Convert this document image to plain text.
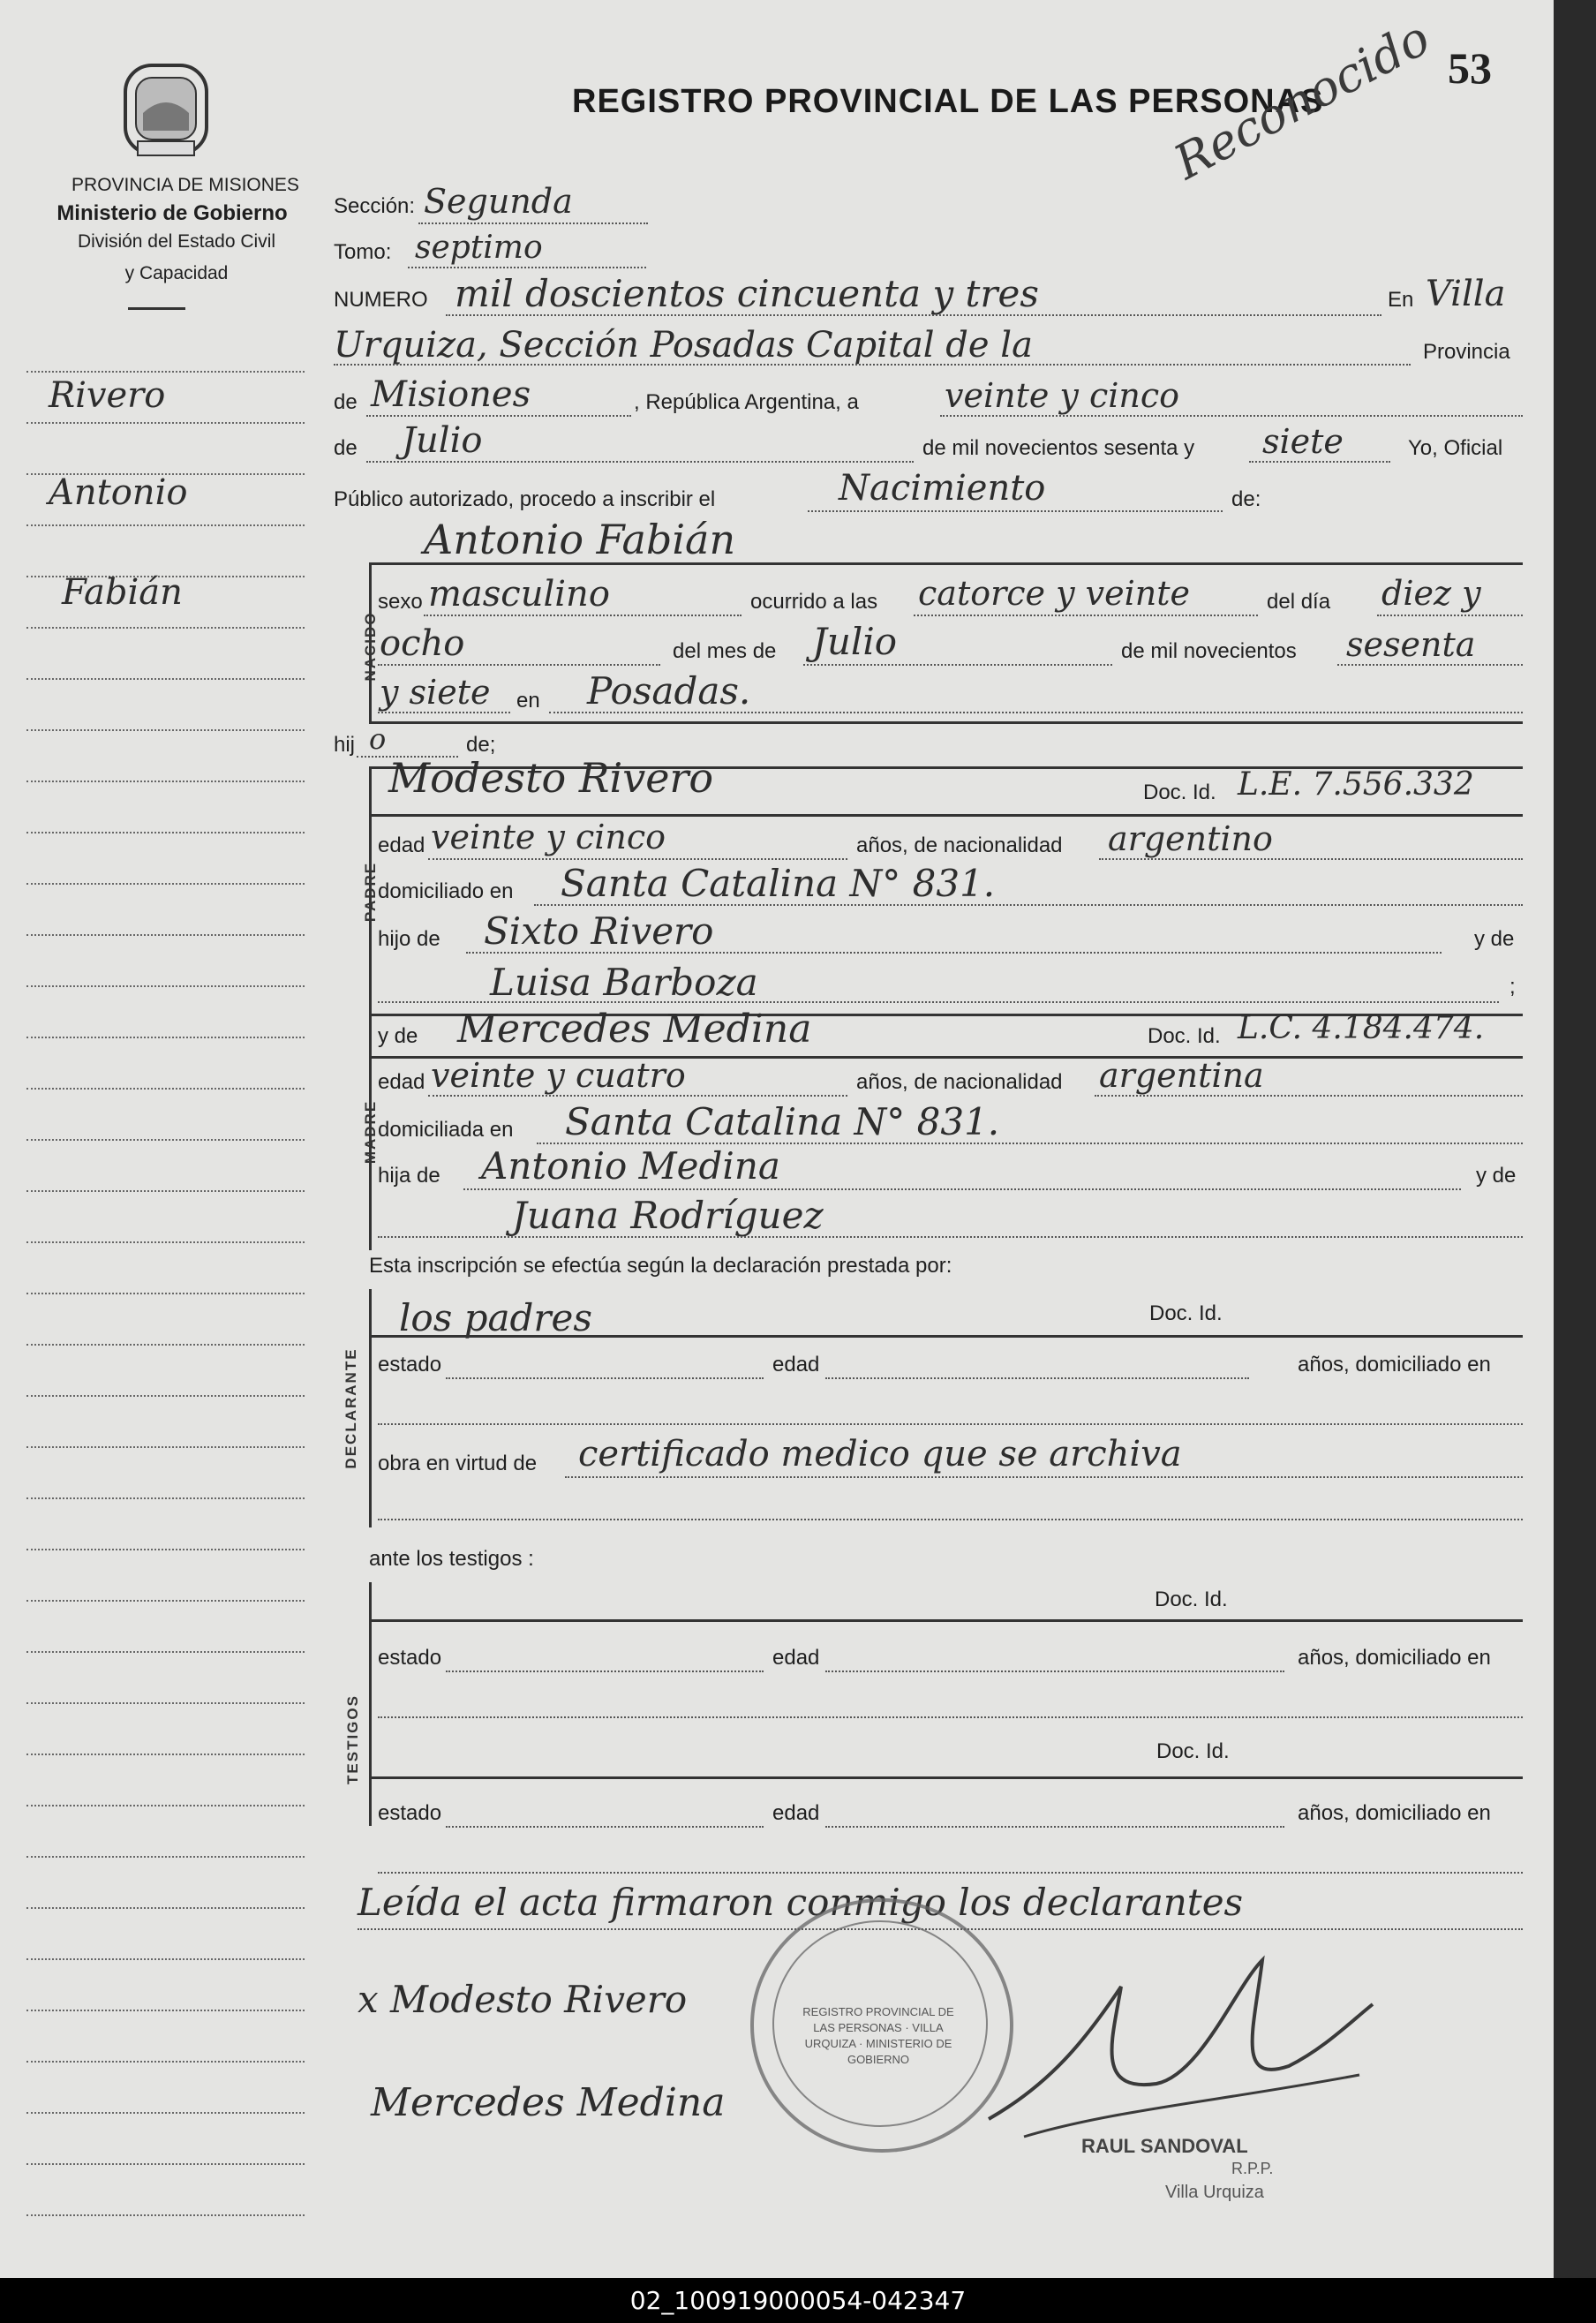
PROVINCIA DE MISIONES
Ministerio de Gobierno
División del Estado Civil
y Capacidad
REGISTRO PROVINCIAL DE LAS PERSONAS
53
Reconocido
Rivero
Antonio
Fabián
Sección: Segunda
Tomo: septimo
NUMERO mil doscientos cincuenta y tres	En Villa
Urquiza, Sección Posadas Capital de la	Provincia
de Misiones	, República Argentina, a	veinte y cinco
de Julio	de mil novecientos sesenta y siete	Yo, Oficial
Público autorizado, procedo a inscribir el	Nacimiento	de:
Antonio Fabián
NACIDO
sexo masculino	ocurrido a las catorce y veinte	del día diez y
ocho	del mes de Julio	de mil novecientos sesenta
y siete en Posadas.
hij o	de;
PADRE
Modesto Rivero	Doc. Id. L.E. 7.556.332
edad veinte y cinco	años, de nacionalidad argentino
domiciliado en Santa Catalina N° 831.
hijo de Sixto Rivero	y de
Luisa Barboza	;
MADRE
y de Mercedes Medina	Doc. Id. L.C. 4.184.474.
edad veinte y cuatro	años, de nacionalidad argentina
domiciliada en Santa Catalina N° 831.
hija de Antonio Medina	y de
Juana Rodríguez
Esta inscripción se efectúa según la declaración prestada por:
DECLARANTE
los padres	Doc. Id.
estado	edad	años, domiciliado en
obra en virtud de certificado medico que se archiva
ante los testigos :
TESTIGOS
Doc. Id.
estado	edad	años, domiciliado en
Doc. Id.
estado	edad	años, domiciliado en
Leída el acta firmaron conmigo los declarantes
x Modesto Rivero
Mercedes Medina
REGISTRO PROVINCIAL DE LAS PERSONAS · VILLA URQUIZA · MINISTERIO DE GOBIERNO
RAUL SANDOVAL
R.P.P.
Villa Urquiza
02_100919000054-042347
